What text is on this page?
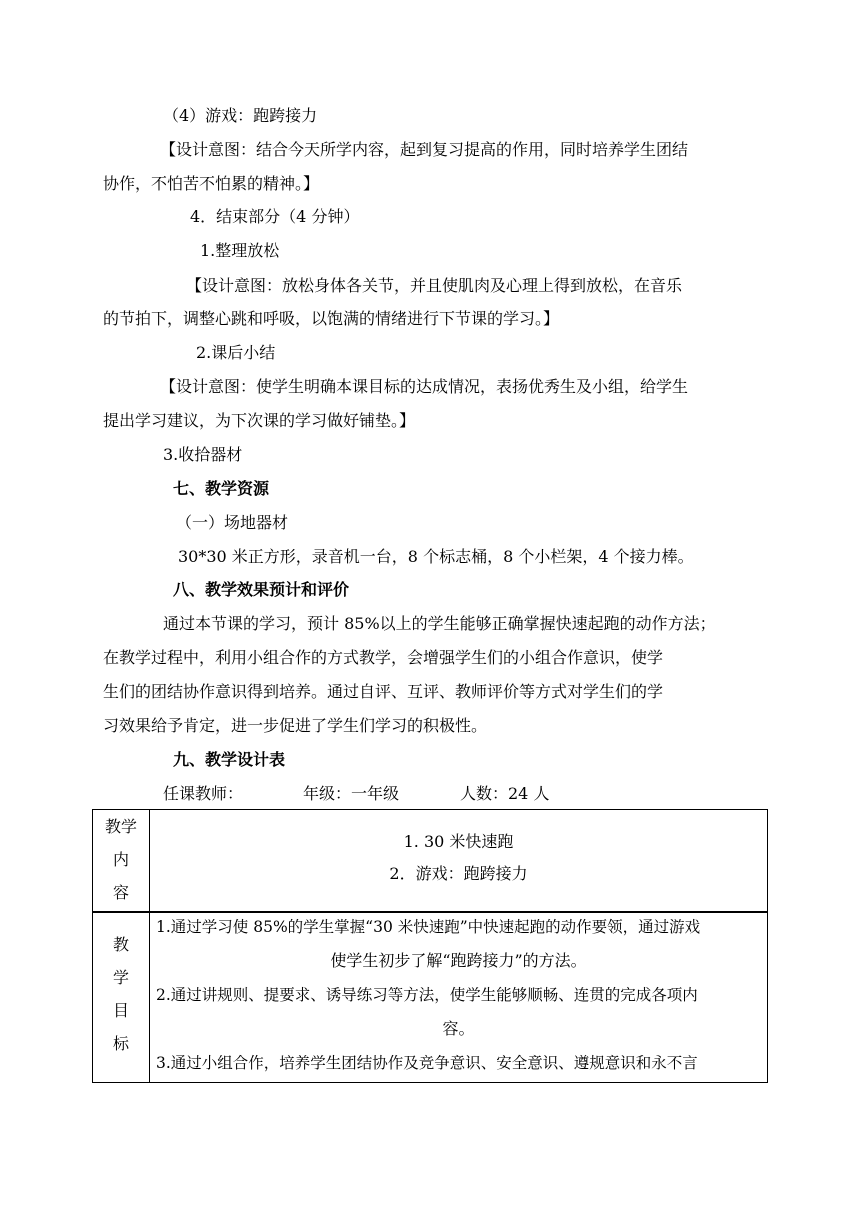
（4）游戏：跑跨接力
【设计意图：结合今天所学内容，起到复习提高的作用，同时培养学生团结
协作，不怕苦不怕累的精神。】
4．结束部分（4 分钟）
1.整理放松
【设计意图：放松身体各关节，并且使肌肉及心理上得到放松，在音乐
的节拍下，调整心跳和呼吸，以饱满的情绪进行下节课的学习。】
2.课后小结
【设计意图：使学生明确本课目标的达成情况，表扬优秀生及小组，给学生
提出学习建议，为下次课的学习做好铺垫。】
3.收拾器材
七、教学资源
（一）场地器材
30*30 米正方形，录音机一台，8 个标志桶，8 个小栏架，4 个接力棒。
八、教学效果预计和评价
通过本节课的学习，预计 85%以上的学生能够正确掌握快速起跑的动作方法；
在教学过程中，利用小组合作的方式教学，会增强学生们的小组合作意识，使学
生们的团结协作意识得到培养。通过自评、互评、教师评价等方式对学生们的学
习效果给予肯定，进一步促进了学生们学习的积极性。
九、教学设计表
任课教师：	年级：一年级	人数：24 人
教学
内
容
1. 30 米快速跑
2．游戏：跑跨接力
教
学
目
标
1.通过学习使 85%的学生掌握“30 米快速跑”中快速起跑的动作要领，通过游戏
使学生初步了解“跑跨接力”的方法。
2.通过讲规则、提要求、诱导练习等方法，使学生能够顺畅、连贯的完成各项内
容。
3.通过小组合作，培养学生团结协作及竞争意识、安全意识、遵规意识和永不言
